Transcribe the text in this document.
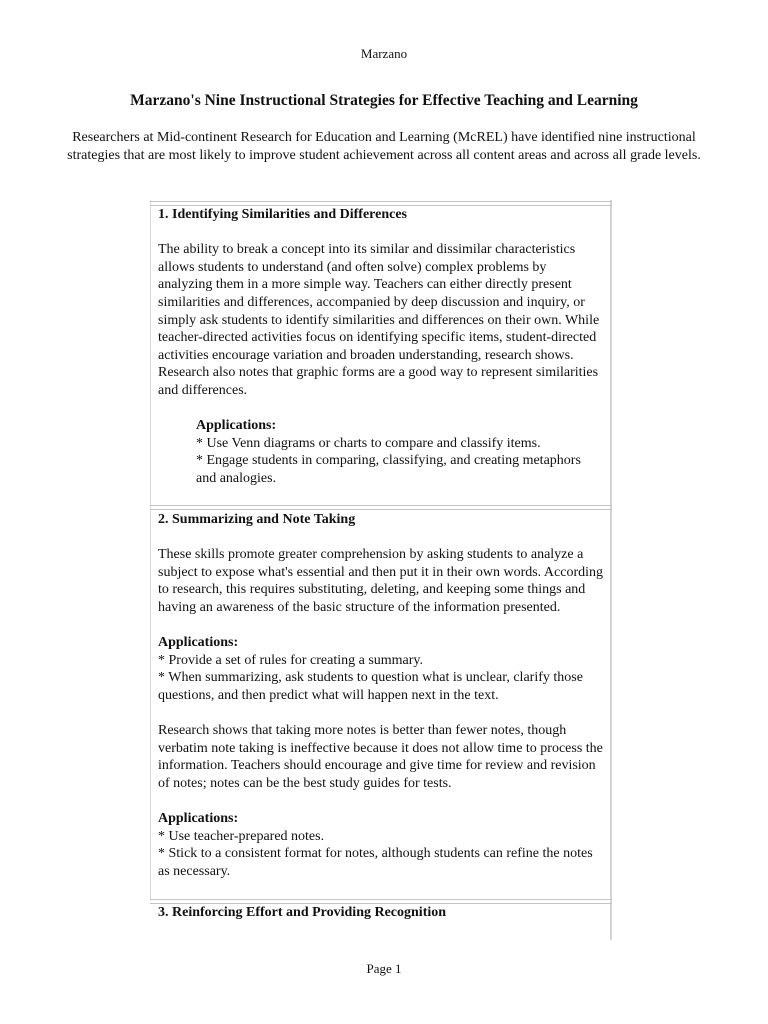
Marzano
Marzano's Nine Instructional Strategies for Effective Teaching and Learning
Researchers at Mid-continent Research for Education and Learning (McREL) have identified nine instructional strategies that are most likely to improve student achievement across all content areas and across all grade levels.

1. Identifying Similarities and Differences

The ability to break a concept into its similar and dissimilar characteristics allows students to understand (and often solve) complex problems by analyzing them in a more simple way. Teachers can either directly present similarities and differences, accompanied by deep discussion and inquiry, or simply ask students to identify similarities and differences on their own. While teacher-directed activities focus on identifying specific items, student-directed activities encourage variation and broaden understanding, research shows. Research also notes that graphic forms are a good way to represent similarities and differences.

Applications:

* Use Venn diagrams or charts to compare and classify items.

* Engage students in comparing, classifying, and creating metaphors and analogies.

2. Summarizing and Note Taking

These skills promote greater comprehension by asking students to analyze a subject to expose what's essential and then put it in their own words. According to research, this requires substituting, deleting, and keeping some things and having an awareness of the basic structure of the information presented.

Applications:

* Provide a set of rules for creating a summary.

* When summarizing, ask students to question what is unclear, clarify those questions, and then predict what will happen next in the text.

Research shows that taking more notes is better than fewer notes, though verbatim note taking is ineffective because it does not allow time to process the information. Teachers should encourage and give time for review and revision of notes; notes can be the best study guides for tests.

Applications:

* Use teacher-prepared notes.

* Stick to a consistent format for notes, although students can refine the notes as necessary.

3. Reinforcing Effort and Providing Recognition

Page 1
